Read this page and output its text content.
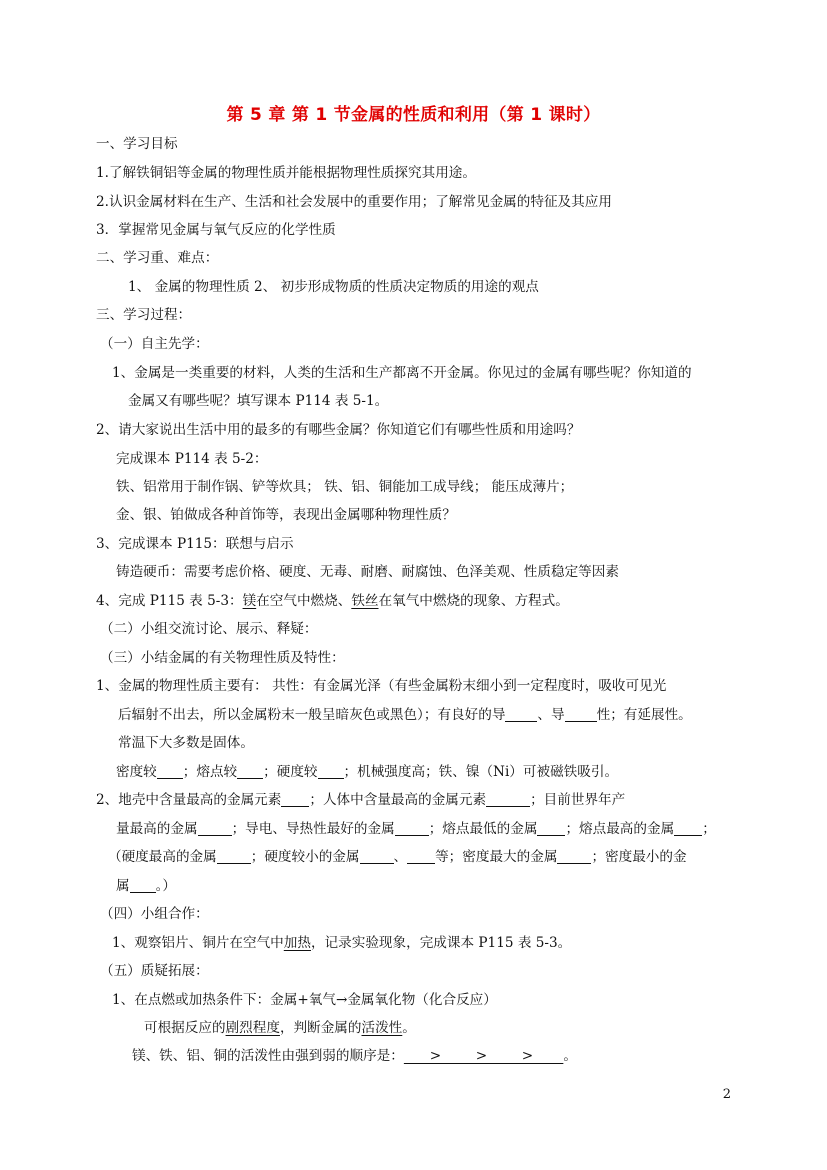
第 5 章 第 1 节金属的性质和利用（第 1 课时）
一、学习目标
1.了解铁铜铝等金属的物理性质并能根据物理性质探究其用途。
2.认识金属材料在生产、生活和社会发展中的重要作用；了解常见金属的特征及其应用
3．掌握常见金属与氧气反应的化学性质
二、学习重、难点：
1、 金属的物理性质 2、 初步形成物质的性质决定物质的用途的观点
三、学习过程：
（一）自主先学：
1、金属是一类重要的材料，人类的生活和生产都离不开金属。你见过的金属有哪些呢？你知道的
金属又有哪些呢？填写课本 P114 表 5-1。
2、请大家说出生活中用的最多的有哪些金属？你知道它们有哪些性质和用途吗？
完成课本 P114 表 5-2：
铁、铝常用于制作锅、铲等炊具； 铁、铝、铜能加工成导线； 能压成薄片；
金、银、铂做成各种首饰等，表现出金属哪种物理性质？
3、完成课本 P115：联想与启示
铸造硬币：需要考虑价格、硬度、无毒、耐磨、耐腐蚀、色泽美观、性质稳定等因素
4、完成 P115 表 5-3：镁在空气中燃烧、铁丝在氧气中燃烧的现象、方程式。
（二）小组交流讨论、展示、释疑：
（三）小结金属的有关物理性质及特性：
1、金属的物理性质主要有： 共性：有金属光泽（有些金属粉末细小到一定程度时，吸收可见光
后辐射不出去，所以金属粉末一般呈暗灰色或黑色）；有良好的导 、导 性；有延展性。
常温下大多数是固体。
密度较 ；熔点较 ；硬度较 ；机械强度高；铁、镍（Ni）可被磁铁吸引。
2、地壳中含量最高的金属元素 ；人体中含量最高的金属元素	；目前世界年产
量最高的金属	；导电、导热性最好的金属	；熔点最低的金属 ；熔点最高的金属 ；
（硬度最高的金属	；硬度较小的金属	、 等；密度最大的金属	；密度最小的金
属 。）
（四）小组合作：
1、观察铝片、铜片在空气中加热，记录实验现象，完成课本 P115 表 5-3。
（五）质疑拓展：
1、在点燃或加热条件下：金属+氧气→金属氧化物（化合反应）
可根据反应的剧烈程度，判断金属的活泼性。
镁、铁、铝、铜的活泼性由强到弱的顺序是：      >        >        >       。
2
